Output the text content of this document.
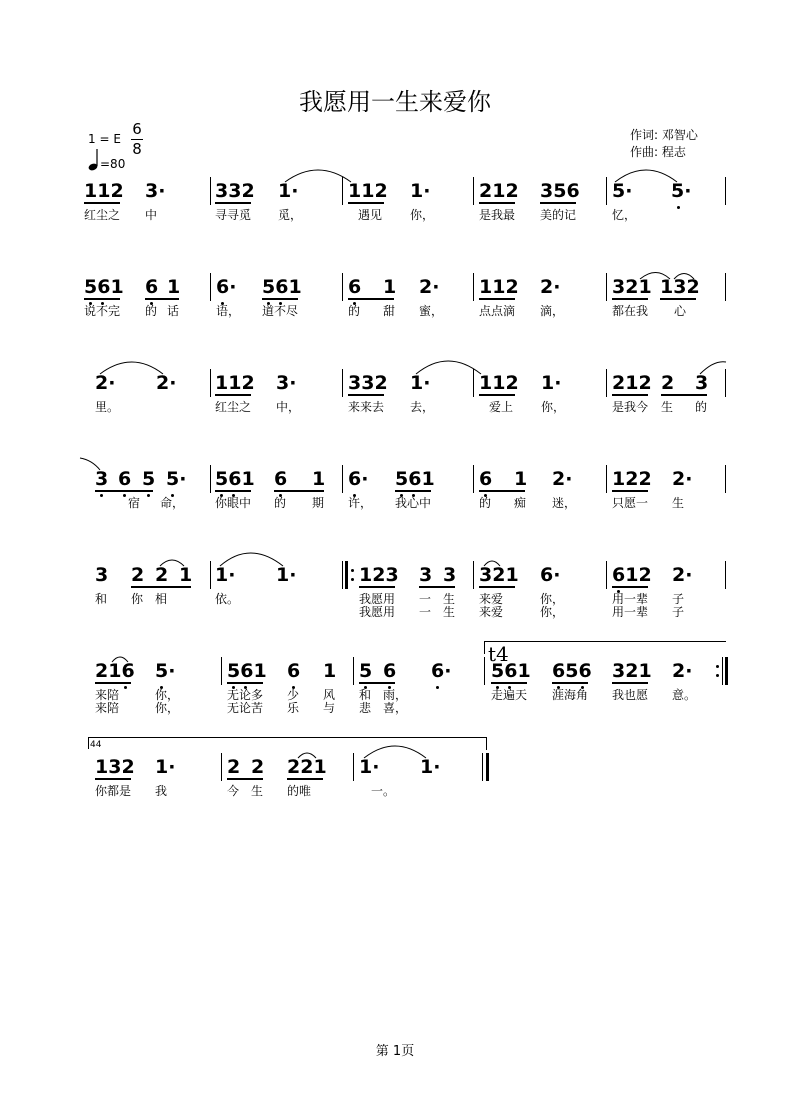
我愿用一生来爱你
1 = E
6
8
=80
作词: 邓智心
作曲: 程志
112 3·	332 1·	112 1·	212 356 5· 5·
红尘之 中	寻寻觅 觅，	遇见 你，	是我最 美的记	忆，
561 6 1 6· 561 6 1 2· 112 2·	321 132
说不完 的 话	语， 道不尽	的 甜 蜜，	点点滴 滴，	都在我 心
2· 2· 112 3·	332 1·	112 1·	212 2 3
里。	红尘之 中，	来来去 去，	爱上 你，	是我今 生 的
3 6 5 5· 561 6 1 6· 561 6 1 2· 122 2·
宿 命，	你眼中 的 期 许， 我心中	的 痴 迷，	只愿一 生
3 2 2 1 1· 1·	123 3 3 321 6·	612 2·
和 你 相	依。	我愿用 一 生 来爱	你，	用一辈 子
我愿用 一 生 来爱	你，	用一辈 子
t4
216 5·	561 6 1 5 6 6· 561 656 321 2·
来陪	你，	无论多 少 风 和 雨，	走遍天 涯海角 我也愿 意。
来陪	你，	无论苦 乐 与 悲 喜，
44
132 1·	2 2 221 1· 1·
你都是 我	今 生 的唯	一。
第 1页
